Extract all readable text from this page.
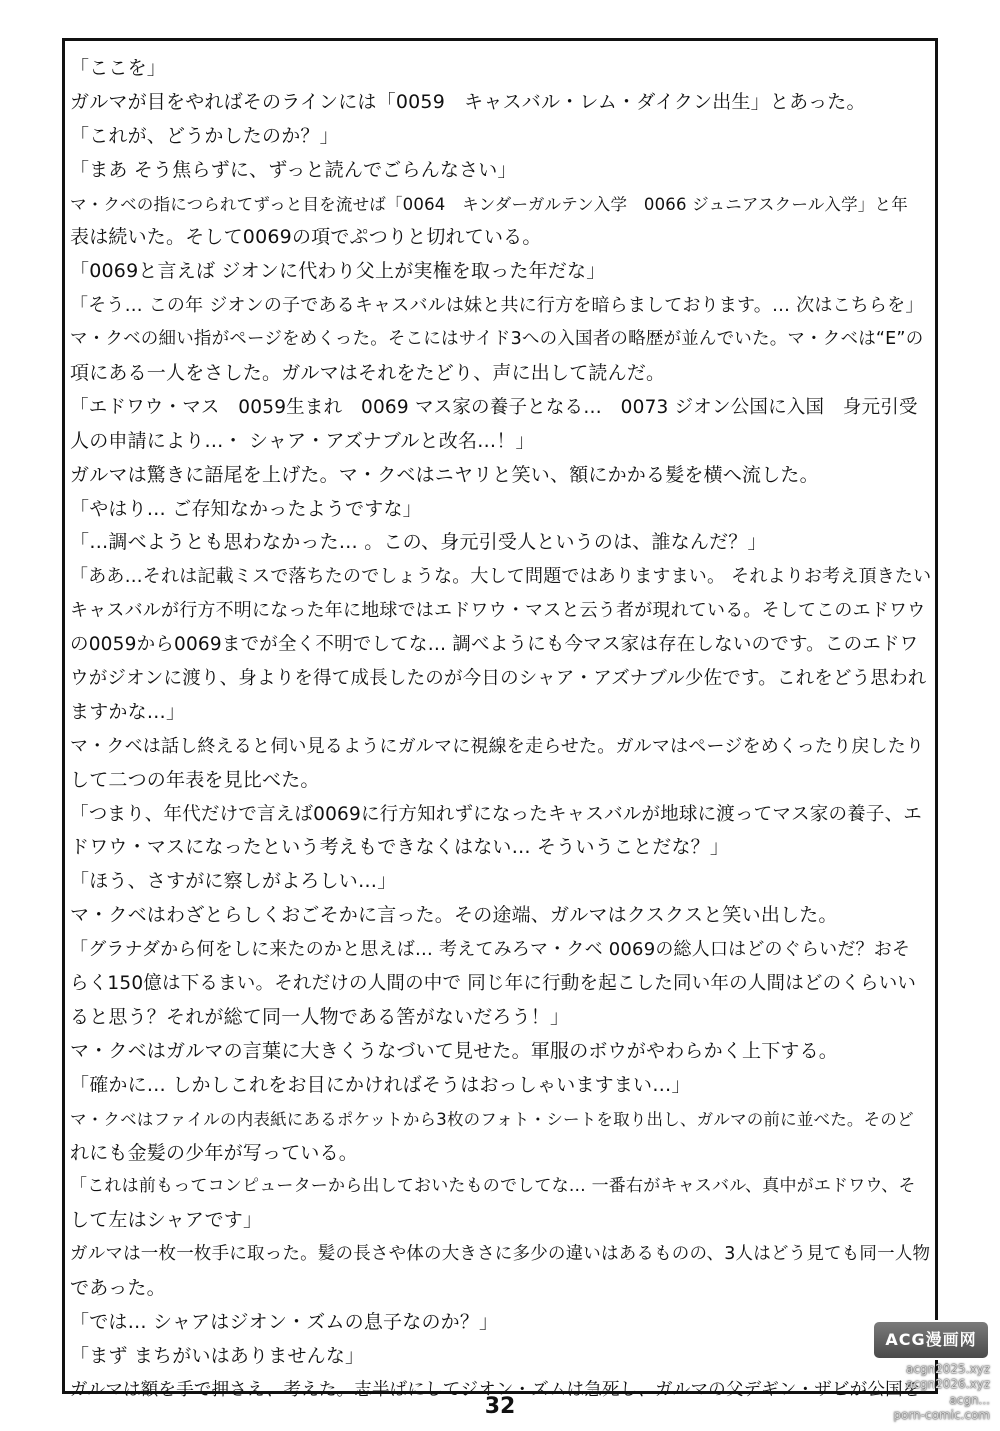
「ここを」
ガルマが目をやればそのラインには「0059　キャスバル・レム・ダイクン出生」とあった。
「これが、どうかしたのか？」
「まあ そう焦らずに、ずっと読んでごらんなさい」
マ・クベの指につられてずっと目を流せば「0064　キンダーガルテン入学　0066 ジュニアスクール入学」と年
表は続いた。そして0069の項でぷつりと切れている。
「0069と言えば ジオンに代わり父上が実権を取った年だな」
「そう… この年 ジオンの子であるキャスバルは妹と共に行方を暗らましております。… 次はこちらを」
マ・クベの細い指がページをめくった。そこにはサイド3への入国者の略歴が並んでいた。マ・クベは“E”の
項にある一人をさした。ガルマはそれをたどり、声に出して読んだ。
「エドワウ・マス　0059生まれ　0069 マス家の養子となる…　0073 ジオン公国に入国　身元引受
人の申請により…・ シャア・アズナブルと改名…！」
ガルマは驚きに語尾を上げた。マ・クベはニヤリと笑い、額にかかる髪を横へ流した。
「やはり… ご存知なかったようですな」
「…調べようとも思わなかった… 。この、身元引受人というのは、誰なんだ？」
「ああ…それは記載ミスで落ちたのでしょうな。大して問題ではありますまい。 それよりお考え頂きたい
キャスバルが行方不明になった年に地球ではエドワウ・マスと云う者が現れている。そしてこのエドワウ
の0059から0069までが全く不明でしてな… 調べようにも今マス家は存在しないのです。このエドワ
ウがジオンに渡り、身よりを得て成長したのが今日のシャア・アズナブル少佐です。これをどう思われ
ますかな…」
マ・クベは話し終えると伺い見るようにガルマに視線を走らせた。ガルマはページをめくったり戻したり
して二つの年表を見比べた。
「つまり、年代だけで言えば0069に行方知れずになったキャスバルが地球に渡ってマス家の養子、エ
ドワウ・マスになったという考えもできなくはない… そういうことだな？」
「ほう、さすがに察しがよろしい…」
マ・クベはわざとらしくおごそかに言った。その途端、ガルマはクスクスと笑い出した。
「グラナダから何をしに来たのかと思えば… 考えてみろマ・クベ 0069の総人口はどのぐらいだ？おそ
らく150億は下るまい。それだけの人間の中で 同じ年に行動を起こした同い年の人間はどのくらいい
ると思う？それが総て同一人物である筈がないだろう！」
マ・クベはガルマの言葉に大きくうなづいて見せた。軍服のボウがやわらかく上下する。
「確かに… しかしこれをお目にかければそうはおっしゃいますまい…」
マ・クベはファイルの内表紙にあるポケットから3枚のフォト・シートを取り出し、ガルマの前に並べた。そのど
れにも金髪の少年が写っている。
「これは前もってコンピューターから出しておいたものでしてな… 一番右がキャスバル、真中がエドワウ、そ
して左はシャアです」
ガルマは一枚一枚手に取った。髪の長さや体の大きさに多少の違いはあるものの、3人はどう見ても同一人物
であった。
「では… シャアはジオン・ズムの息子なのか？」
「まず まちがいはありませんな」
ガルマは額を手で押さえ、考えた。志半ばにしてジオン・ズムは急死し、ガルマの父デギン・ザビが公国を
32
ACG漫画网
acgn2025.xyz
acgn2026.xyz
acgn...
porn-comic.com
